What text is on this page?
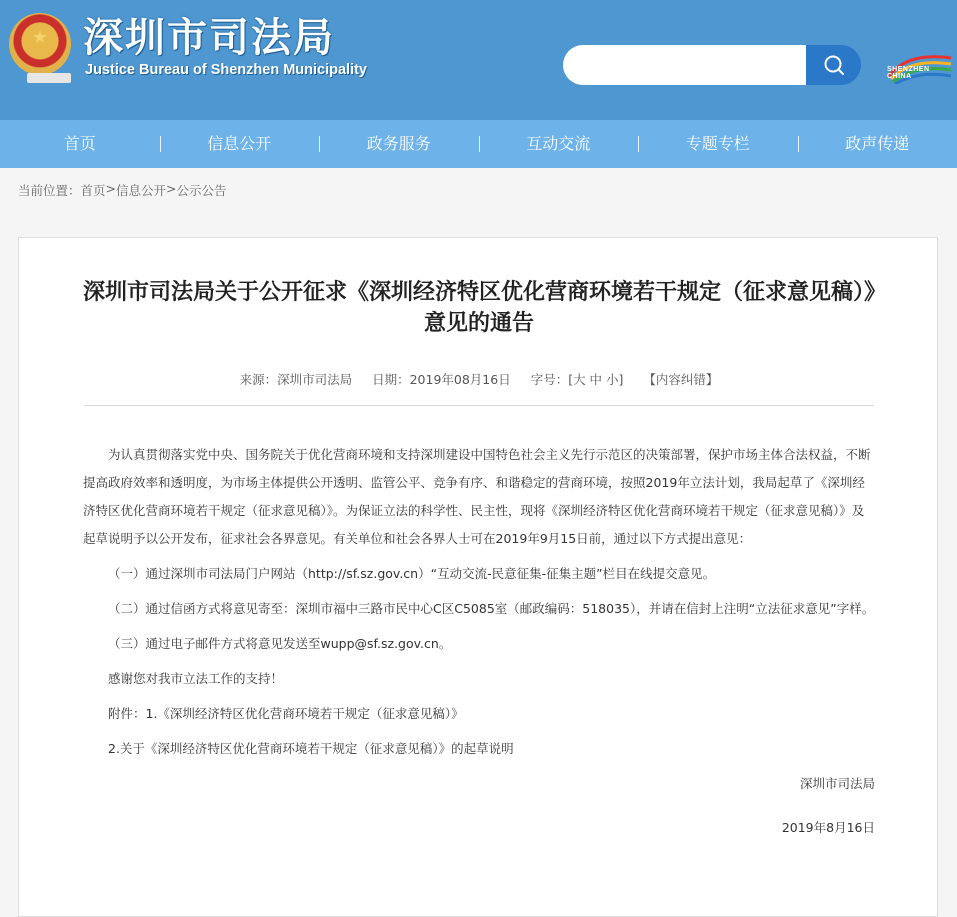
★ 深圳市司法局
Justice Bureau of Shenzhen Municipality	SHENZHEN CHINA
首页	信息公开	政务服务	互动交流	专题专栏	政声传递
当前位置： 首页 > 信息公开 > 公示公告
深圳市司法局关于公开征求《深圳经济特区优化营商环境若干规定（征求意见稿）》意见的通告
来源：深圳市司法局 日期：2019年08月16日 字号：[大 中 小] 【内容纠错】

为认真贯彻落实党中央、国务院关于优化营商环境和支持深圳建设中国特色社会主义先行示范区的决策部署，保护市场主体合法权益，不断提高政府效率和透明度，为市场主体提供公开透明、监管公平、竞争有序、和谐稳定的营商环境，按照2019年立法计划，我局起草了《深圳经济特区优化营商环境若干规定（征求意见稿）》。为保证立法的科学性、民主性，现将《深圳经济特区优化营商环境若干规定（征求意见稿）》及起草说明予以公开发布，征求社会各界意见。有关单位和社会各界人士可在2019年9月15日前，通过以下方式提出意见：

（一）通过深圳市司法局门户网站（http://sf.sz.gov.cn）“互动交流-民意征集-征集主题”栏目在线提交意见。

（二）通过信函方式将意见寄至：深圳市福中三路市民中心C区C5085室（邮政编码：518035），并请在信封上注明“立法征求意见”字样。

（三）通过电子邮件方式将意见发送至wupp@sf.sz.gov.cn。

感谢您对我市立法工作的支持！

附件：1.《深圳经济特区优化营商环境若干规定（征求意见稿）》

2.关于《深圳经济特区优化营商环境若干规定（征求意见稿）》的起草说明

深圳市司法局

2019年8月16日
